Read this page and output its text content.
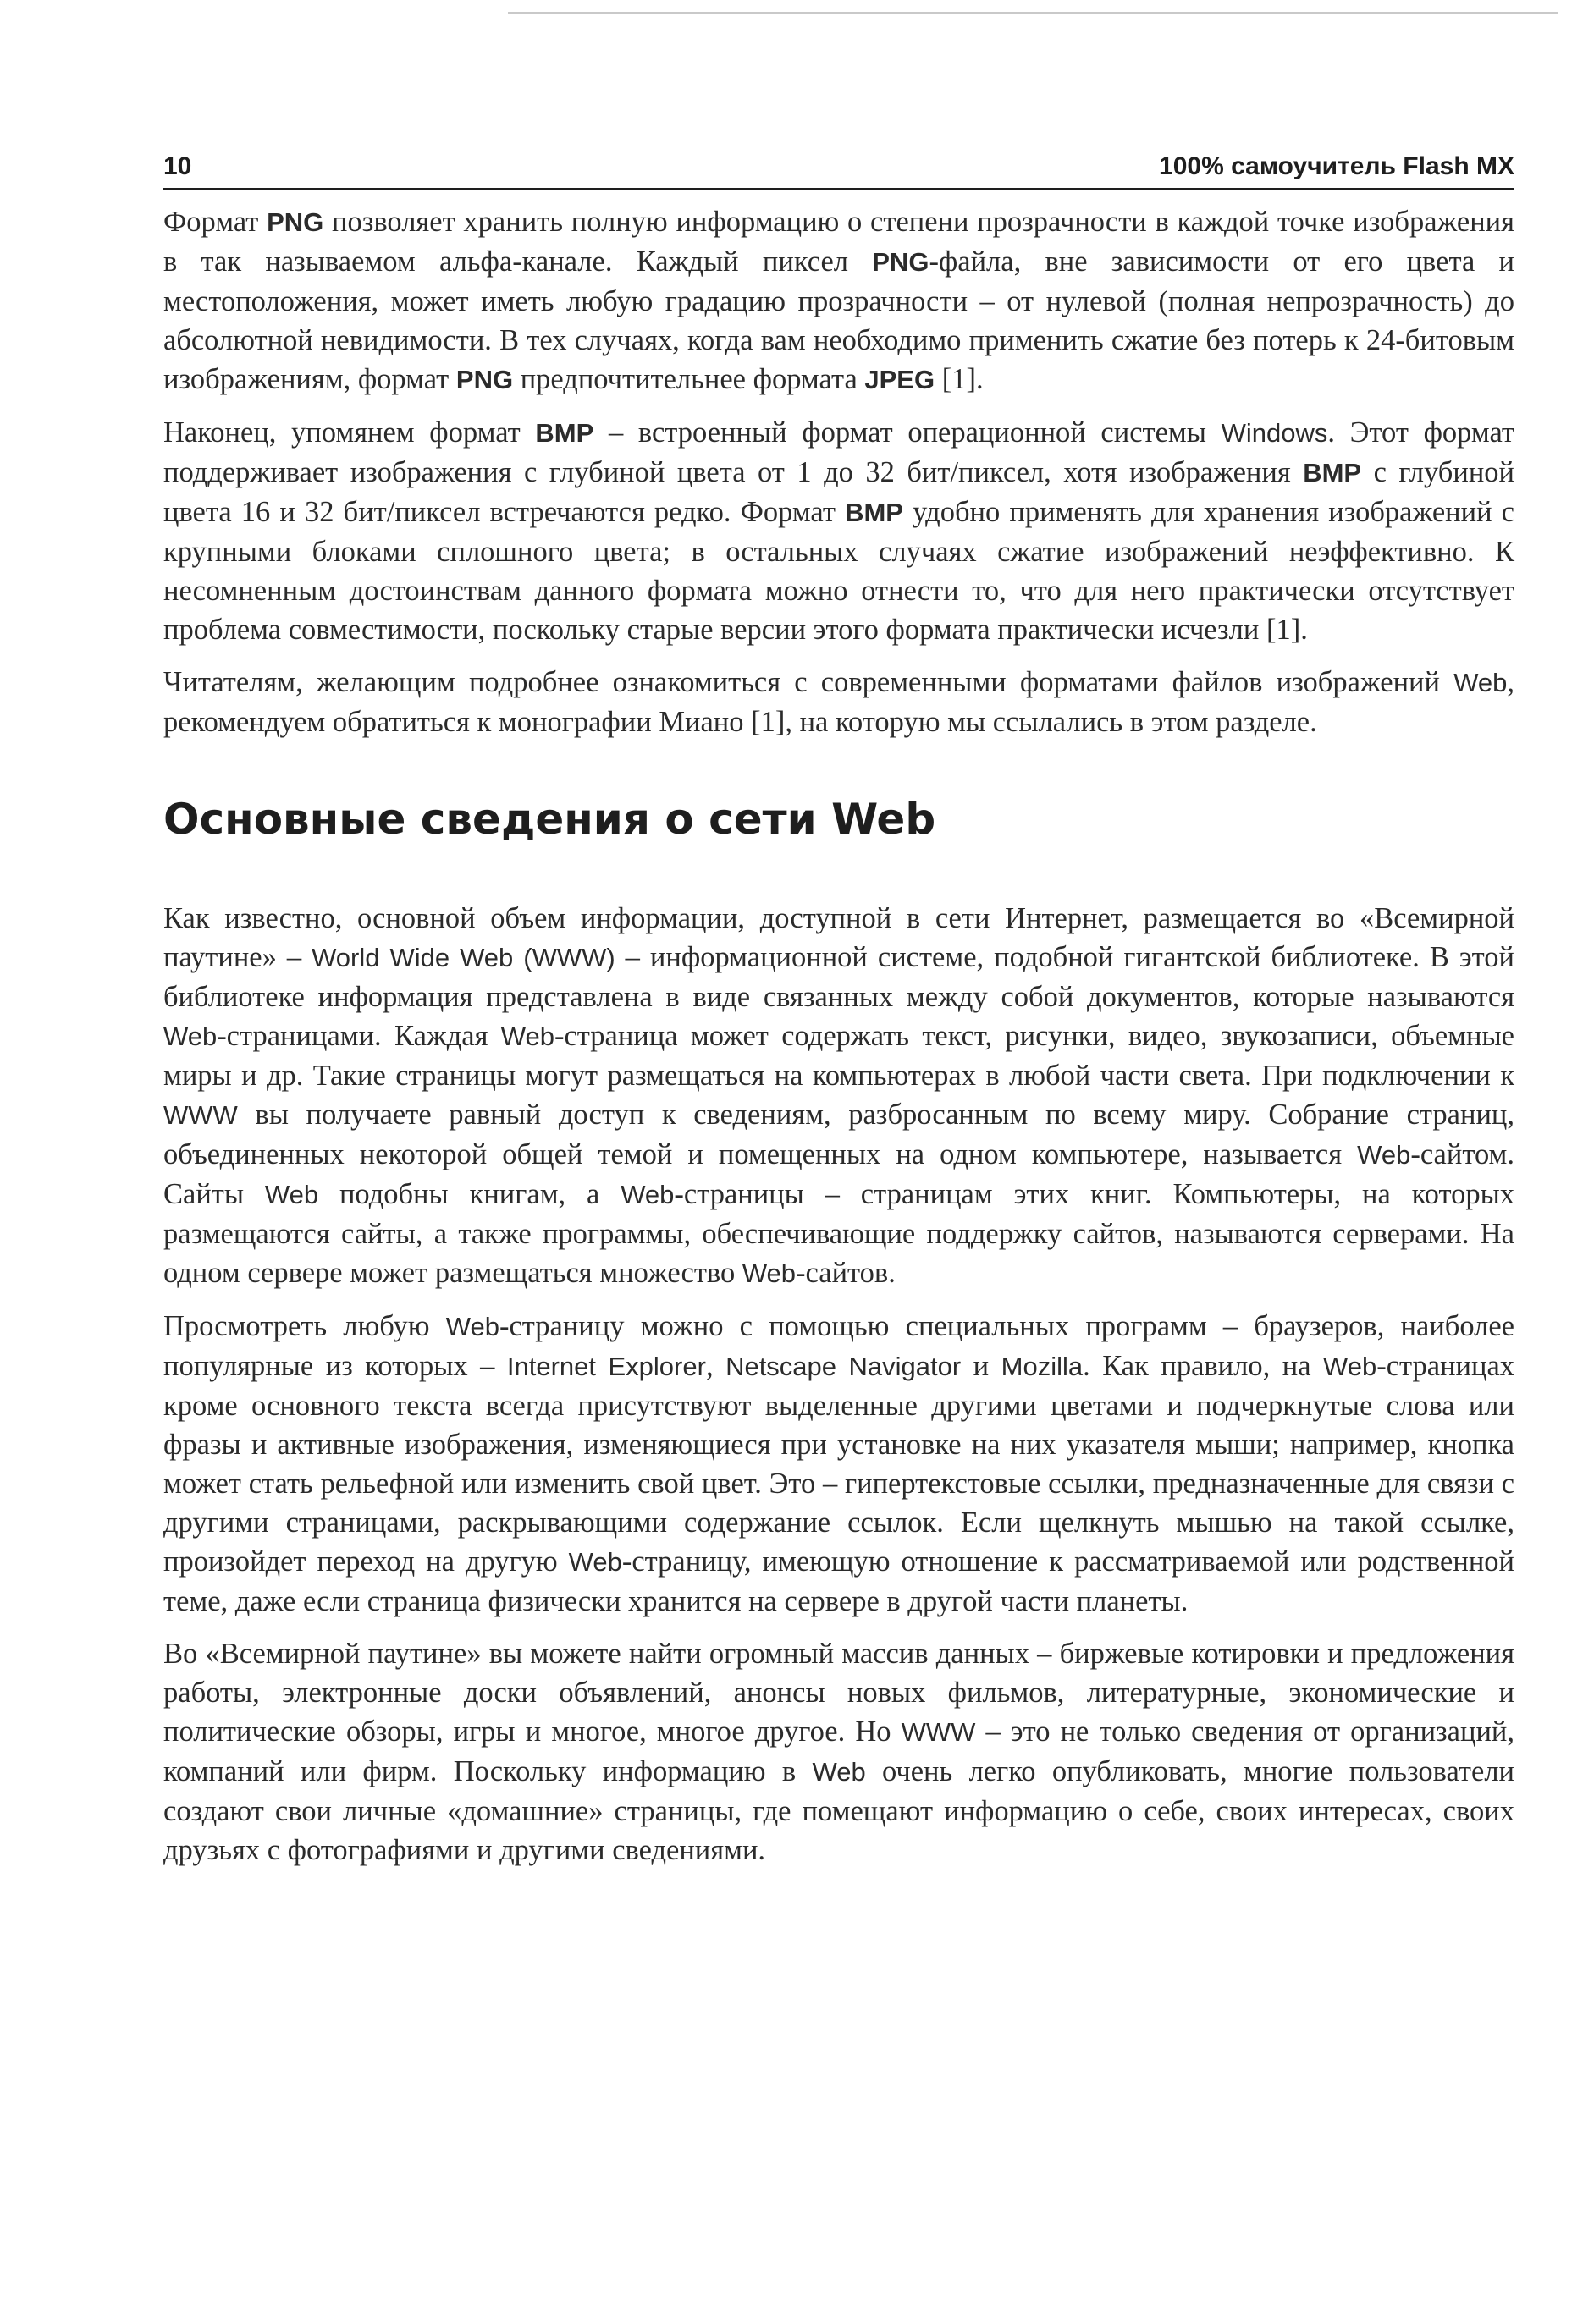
10	100% самоучитель Flash MX

Формат PNG позволяет хранить полную информацию о степени прозрачности в каждой точке изображения в так называемом альфа-канале. Каждый пиксел PNG-файла, вне зависимости от его цвета и местоположения, может иметь любую градацию прозрачности – от нулевой (полная непрозрачность) до абсолютной невидимости. В тех случаях, когда вам необходимо применить сжатие без потерь к 24-битовым изображениям, формат PNG предпочтительнее формата JPEG [1].

Наконец, упомянем формат BMP – встроенный формат операционной системы Windows. Этот формат поддерживает изображения с глубиной цвета от 1 до 32 бит/пиксел, хотя изображения BMP с глубиной цвета 16 и 32 бит/пиксел встречаются редко. Формат BMP удобно применять для хранения изображений с крупными блоками сплошного цвета; в остальных случаях сжатие изображений неэффективно. К несомненным достоинствам данного формата можно отнести то, что для него практически отсутствует проблема совместимости, поскольку старые версии этого формата практически исчезли [1].

Читателям, желающим подробнее ознакомиться с современными форматами файлов изображений Web, рекомендуем обратиться к монографии Миано [1], на которую мы ссылались в этом разделе.

Основные сведения о сети Web

Как известно, основной объем информации, доступной в сети Интернет, размещается во «Всемирной паутине» – World Wide Web (WWW) – информационной системе, подобной гигантской библиотеке. В этой библиотеке информация представлена в виде связанных между собой документов, которые называются Web-страницами. Каждая Web-страница может содержать текст, рисунки, видео, звукозаписи, объемные миры и др. Такие страницы могут размещаться на компьютерах в любой части света. При подключении к WWW вы получаете равный доступ к сведениям, разбросанным по всему миру. Собрание страниц, объединенных некоторой общей темой и помещенных на одном компьютере, называется Web-сайтом. Сайты Web подобны книгам, а Web-страницы – страницам этих книг. Компьютеры, на которых размещаются сайты, а также программы, обеспечивающие поддержку сайтов, называются серверами. На одном сервере может размещаться множество Web-сайтов.

Просмотреть любую Web-страницу можно с помощью специальных программ – браузеров, наиболее популярные из которых – Internet Explorer, Netscape Navigator и Mozilla. Как правило, на Web-страницах кроме основного текста всегда присутствуют выделенные другими цветами и подчеркнутые слова или фразы и активные изображения, изменяющиеся при установке на них указателя мыши; например, кнопка может стать рельефной или изменить свой цвет. Это – гипертекстовые ссылки, предназначенные для связи с другими страницами, раскрывающими содержание ссылок. Если щелкнуть мышью на такой ссылке, произойдет переход на другую Web-страницу, имеющую отношение к рассматриваемой или родственной теме, даже если страница физически хранится на сервере в другой части планеты.

Во «Всемирной паутине» вы можете найти огромный массив данных – биржевые котировки и предложения работы, электронные доски объявлений, анонсы новых фильмов, литературные, экономические и политические обзоры, игры и многое, многое другое. Но WWW – это не только сведения от организаций, компаний или фирм. Поскольку информацию в Web очень легко опубликовать, многие пользователи создают свои личные «домашние» страницы, где помещают информацию о себе, своих интересах, своих друзьях с фотографиями и другими сведениями.
